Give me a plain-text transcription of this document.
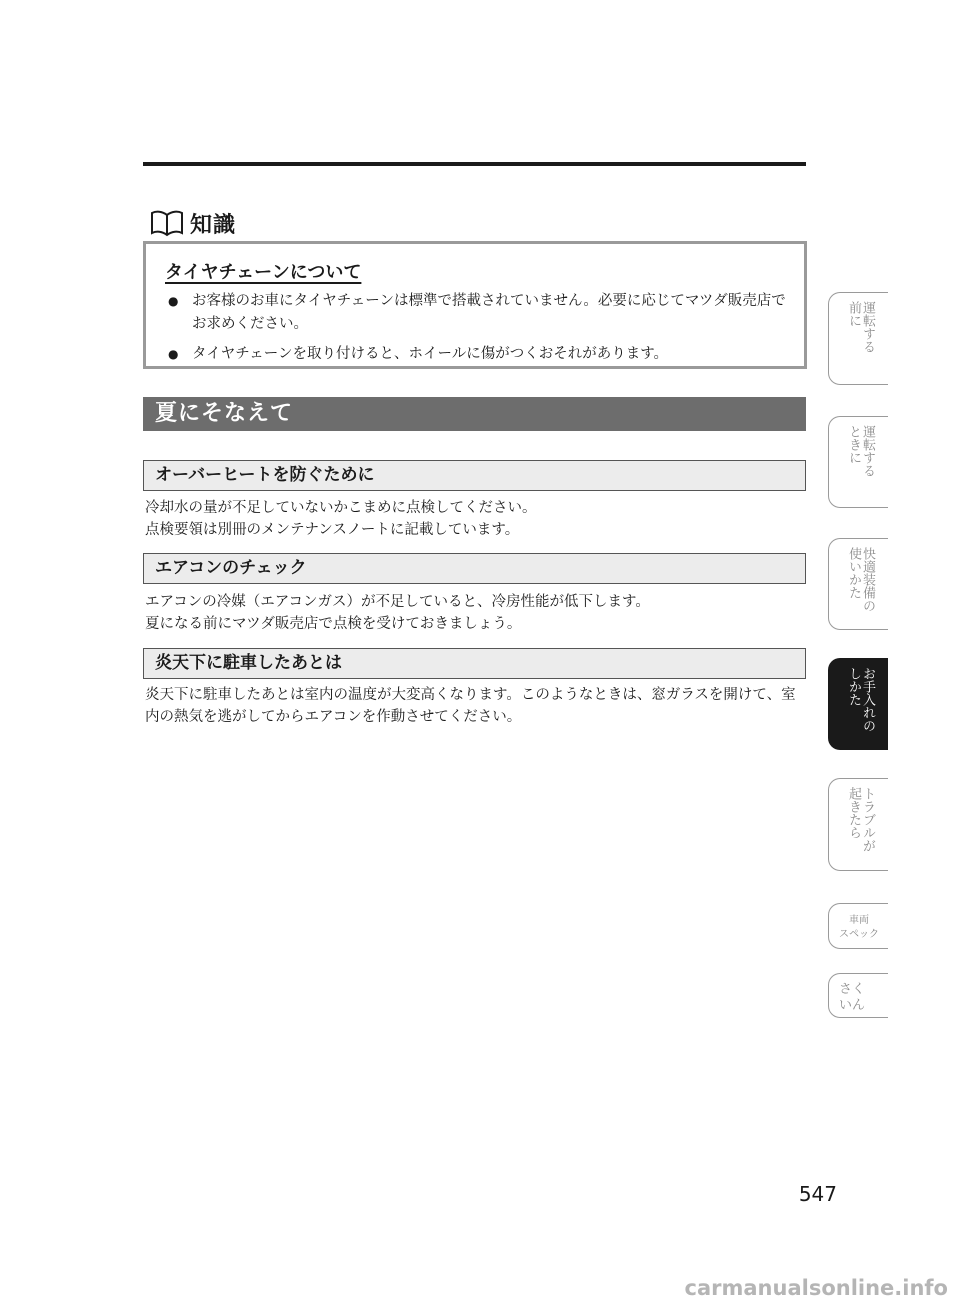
知識
タイヤチェーンについて
● お客様のお車にタイヤチェーンは標準で搭載されていません。必要に応じてマツダ販売店でお求めください。
● タイヤチェーンを取り付けると、ホイールに傷がつくおそれがあります。
夏にそなえて
オーバーヒートを防ぐために
冷却水の量が不足していないかこまめに点検してください。
点検要領は別冊のメンテナンスノートに記載しています。
エアコンのチェック
エアコンの冷媒（エアコンガス）が不足していると、冷房性能が低下します。
夏になる前にマツダ販売店で点検を受けておきましょう。
炎天下に駐車したあとは
炎天下に駐車したあとは室内の温度が大変高くなります。このようなときは、窓ガラスを開けて、室内の熱気を逃がしてからエアコンを作動させてください。
運転する
前に
運転する
ときに
快適装備の
使いかた
お手入れの
しかた
トラブルが
起きたら
車両
スペック
さく
いん
547
carmanualsonline.info
